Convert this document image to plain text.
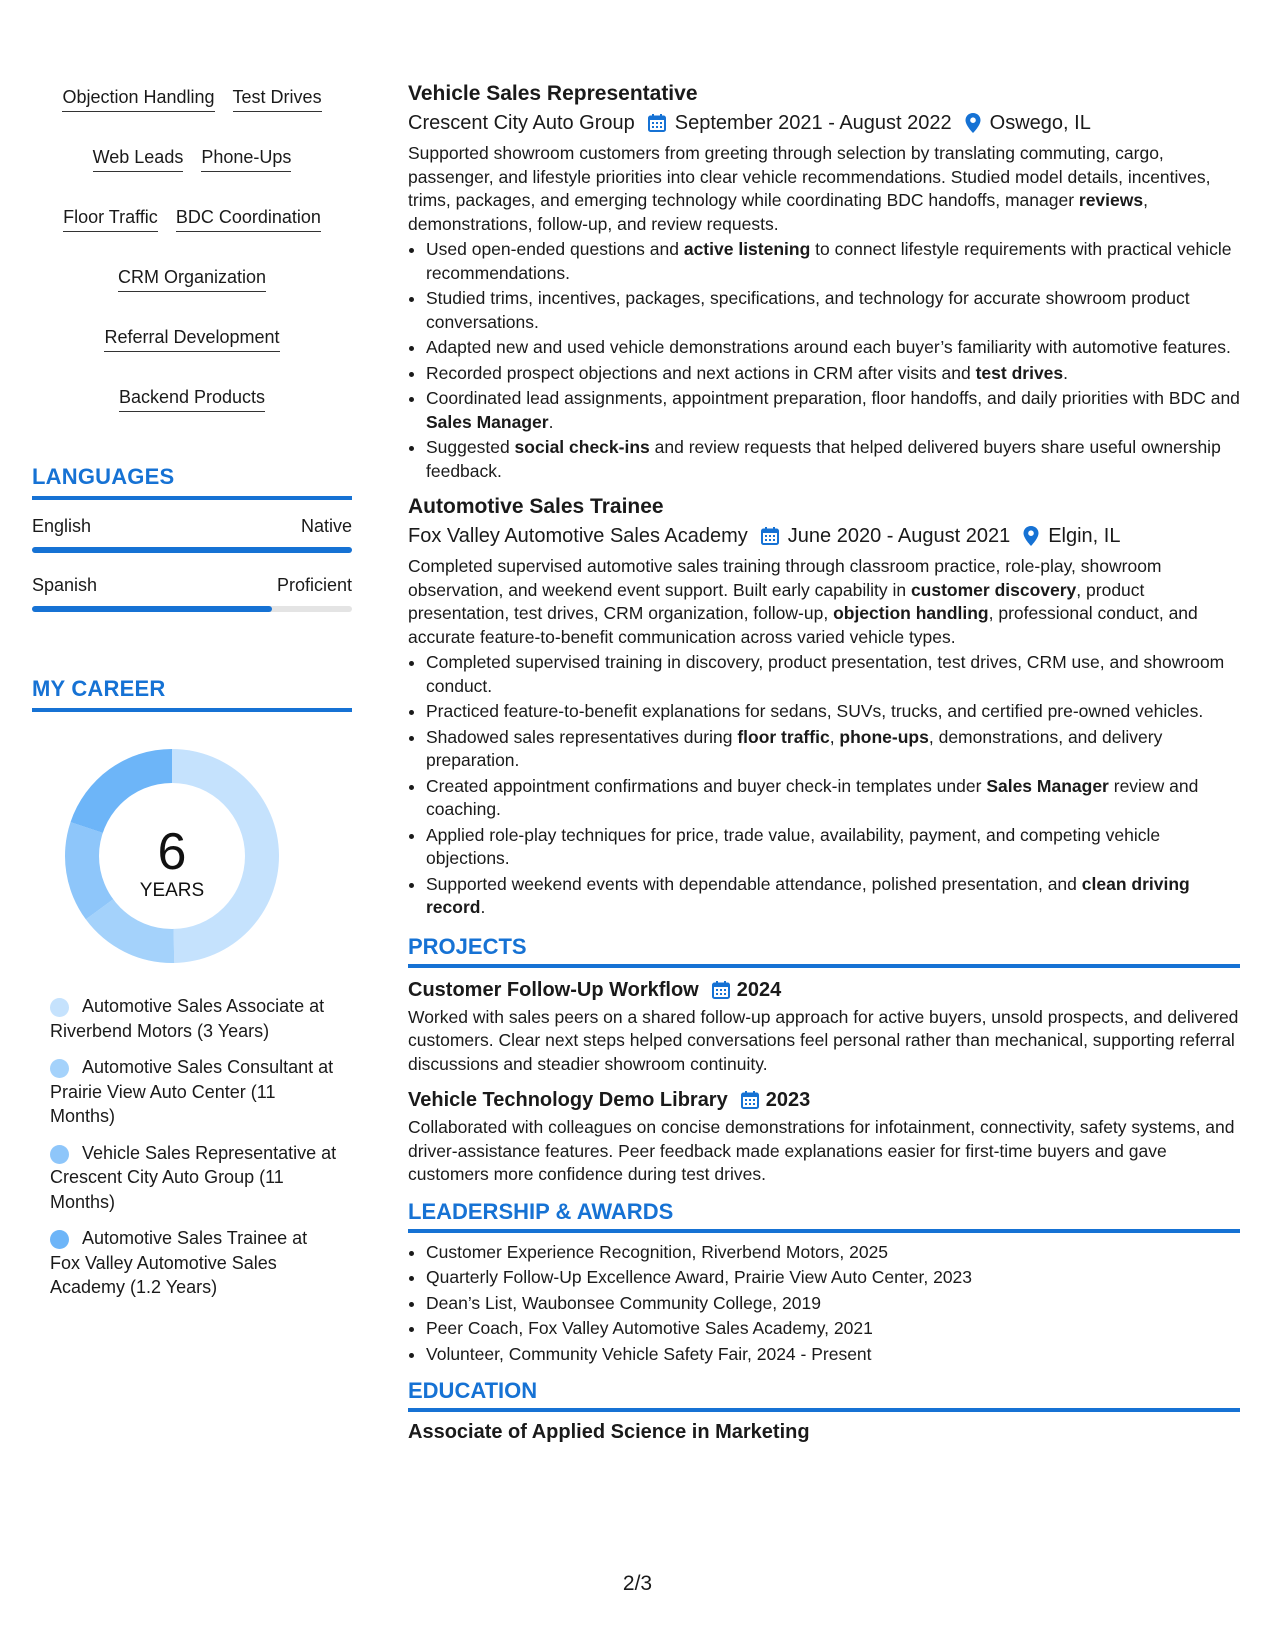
Objection Handling Test Drives
Web Leads Phone-Ups
Floor Traffic BDC Coordination
CRM Organization
Referral Development
Backend Products
LANGUAGES
English	Native
Spanish	Proficient
MY CAREER
6
YEARS
Automotive Sales Associate at Riverbend Motors (3 Years)
Automotive Sales Consultant at Prairie View Auto Center (11 Months)
Vehicle Sales Representative at Crescent City Auto Group (11 Months)
Automotive Sales Trainee at Fox Valley Automotive Sales Academy (1.2 Years)
Vehicle Sales Representative
Crescent City Auto Group September 2021 - August 2022 Oswego, IL

Supported showroom customers from greeting through selection by translating commuting, cargo, passenger, and lifestyle priorities into clear vehicle recommendations. Studied model details, incentives, trims, packages, and emerging technology while coordinating BDC handoffs, manager reviews, demonstrations, follow-up, and review requests.

• Used open-ended questions and active listening to connect lifestyle requirements with practical vehicle recommendations.
• Studied trims, incentives, packages, specifications, and technology for accurate showroom product conversations.
• Adapted new and used vehicle demonstrations around each buyer’s familiarity with automotive features.
• Recorded prospect objections and next actions in CRM after visits and test drives.
• Coordinated lead assignments, appointment preparation, floor handoffs, and daily priorities with BDC and Sales Manager.
• Suggested social check-ins and review requests that helped delivered buyers share useful ownership feedback.
Automotive Sales Trainee
Fox Valley Automotive Sales Academy June 2020 - August 2021 Elgin, IL

Completed supervised automotive sales training through classroom practice, role-play, showroom observation, and weekend event support. Built early capability in customer discovery, product presentation, test drives, CRM organization, follow-up, objection handling, professional conduct, and accurate feature-to-benefit communication across varied vehicle types.

• Completed supervised training in discovery, product presentation, test drives, CRM use, and showroom conduct.
• Practiced feature-to-benefit explanations for sedans, SUVs, trucks, and certified pre-owned vehicles.
• Shadowed sales representatives during floor traffic, phone-ups, demonstrations, and delivery preparation.
• Created appointment confirmations and buyer check-in templates under Sales Manager review and coaching.
• Applied role-play techniques for price, trade value, availability, payment, and competing vehicle objections.
• Supported weekend events with dependable attendance, polished presentation, and clean driving record.
PROJECTS
Customer Follow-Up Workflow 2024

Worked with sales peers on a shared follow-up approach for active buyers, unsold prospects, and delivered customers. Clear next steps helped conversations feel personal rather than mechanical, supporting referral discussions and steadier showroom continuity.

Vehicle Technology Demo Library 2023

Collaborated with colleagues on concise demonstrations for infotainment, connectivity, safety systems, and driver-assistance features. Peer feedback made explanations easier for first-time buyers and gave customers more confidence during test drives.

LEADERSHIP & AWARDS
• Customer Experience Recognition, Riverbend Motors, 2025
• Quarterly Follow-Up Excellence Award, Prairie View Auto Center, 2023
• Dean’s List, Waubonsee Community College, 2019
• Peer Coach, Fox Valley Automotive Sales Academy, 2021
• Volunteer, Community Vehicle Safety Fair, 2024 - Present
EDUCATION
Associate of Applied Science in Marketing
2/3
